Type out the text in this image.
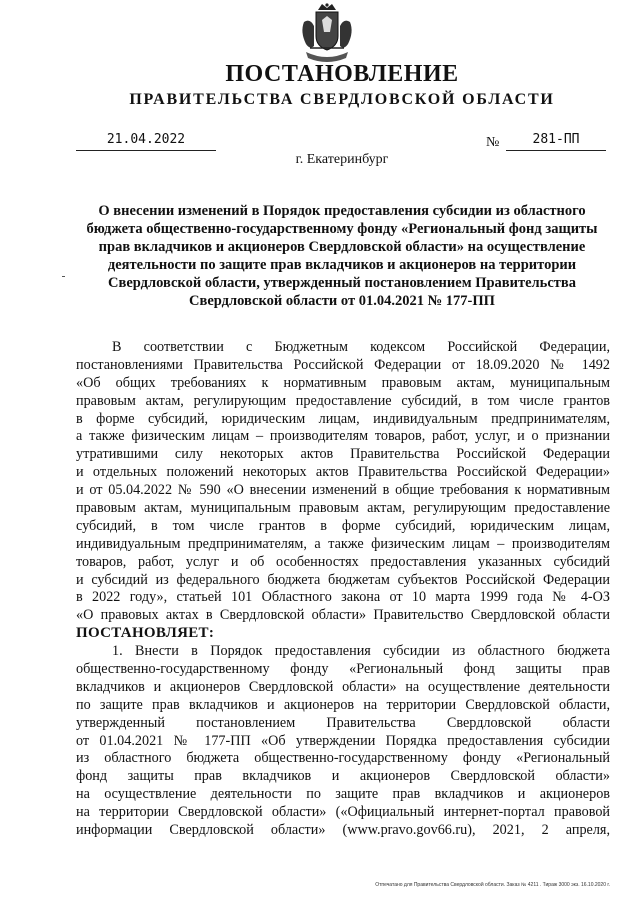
ПОСТАНОВЛЕНИЕ
ПРАВИТЕЛЬСТВА СВЕРДЛОВСКОЙ ОБЛАСТИ
21.04.2022	№	281-ПП
г. Екатеринбург
О внесении изменений в Порядок предоставления субсидии из областного
бюджета общественно-государственному фонду «Региональный фонд защиты
прав вкладчиков и акционеров Свердловской области» на осуществление
деятельности по защите прав вкладчиков и акционеров на территории
Свердловской области, утвержденный постановлением Правительства
Свердловской области от 01.04.2021 № 177-ПП
В соответствии с Бюджетным кодексом Российской Федерации,
постановлениями Правительства Российской Федерации от 18.09.2020 № 1492
«Об общих требованиях к нормативным правовым актам, муниципальным
правовым актам, регулирующим предоставление субсидий, в том числе грантов
в форме субсидий, юридическим лицам, индивидуальным предпринимателям,
а также физическим лицам – производителям товаров, работ, услуг, и о признании
утратившими силу некоторых актов Правительства Российской Федерации
и отдельных положений некоторых актов Правительства Российской Федерации»
и от 05.04.2022 № 590 «О внесении изменений в общие требования к нормативным
правовым актам, муниципальным правовым актам, регулирующим предоставление
субсидий, в том числе грантов в форме субсидий, юридическим лицам,
индивидуальным предпринимателям, а также физическим лицам – производителям
товаров, работ, услуг и об особенностях предоставления указанных субсидий
и субсидий из федерального бюджета бюджетам субъектов Российской Федерации
в 2022 году», статьей 101 Областного закона от 10 марта 1999 года № 4-ОЗ
«О правовых актах в Свердловской области» Правительство Свердловской области
ПОСТАНОВЛЯЕТ:
1. Внести в Порядок предоставления субсидии из областного бюджета
общественно-государственному фонду «Региональный фонд защиты прав
вкладчиков и акционеров Свердловской области» на осуществление деятельности
по защите прав вкладчиков и акционеров на территории Свердловской области,
утвержденный постановлением Правительства Свердловской области
от 01.04.2021 № 177-ПП «Об утверждении Порядка предоставления субсидии
из областного бюджета общественно-государственному фонду «Региональный
фонд защиты прав вкладчиков и акционеров Свердловской области»
на осуществление деятельности по защите прав вкладчиков и акционеров
на территории Свердловской области» («Официальный интернет-портал правовой
информации Свердловской области» (www.pravo.gov66.ru), 2021, 2 апреля,
Отпечатано для Правительства Свердловской области. Заказ № 4211 . Тираж 3000 экз. 16.10.2020 г.
